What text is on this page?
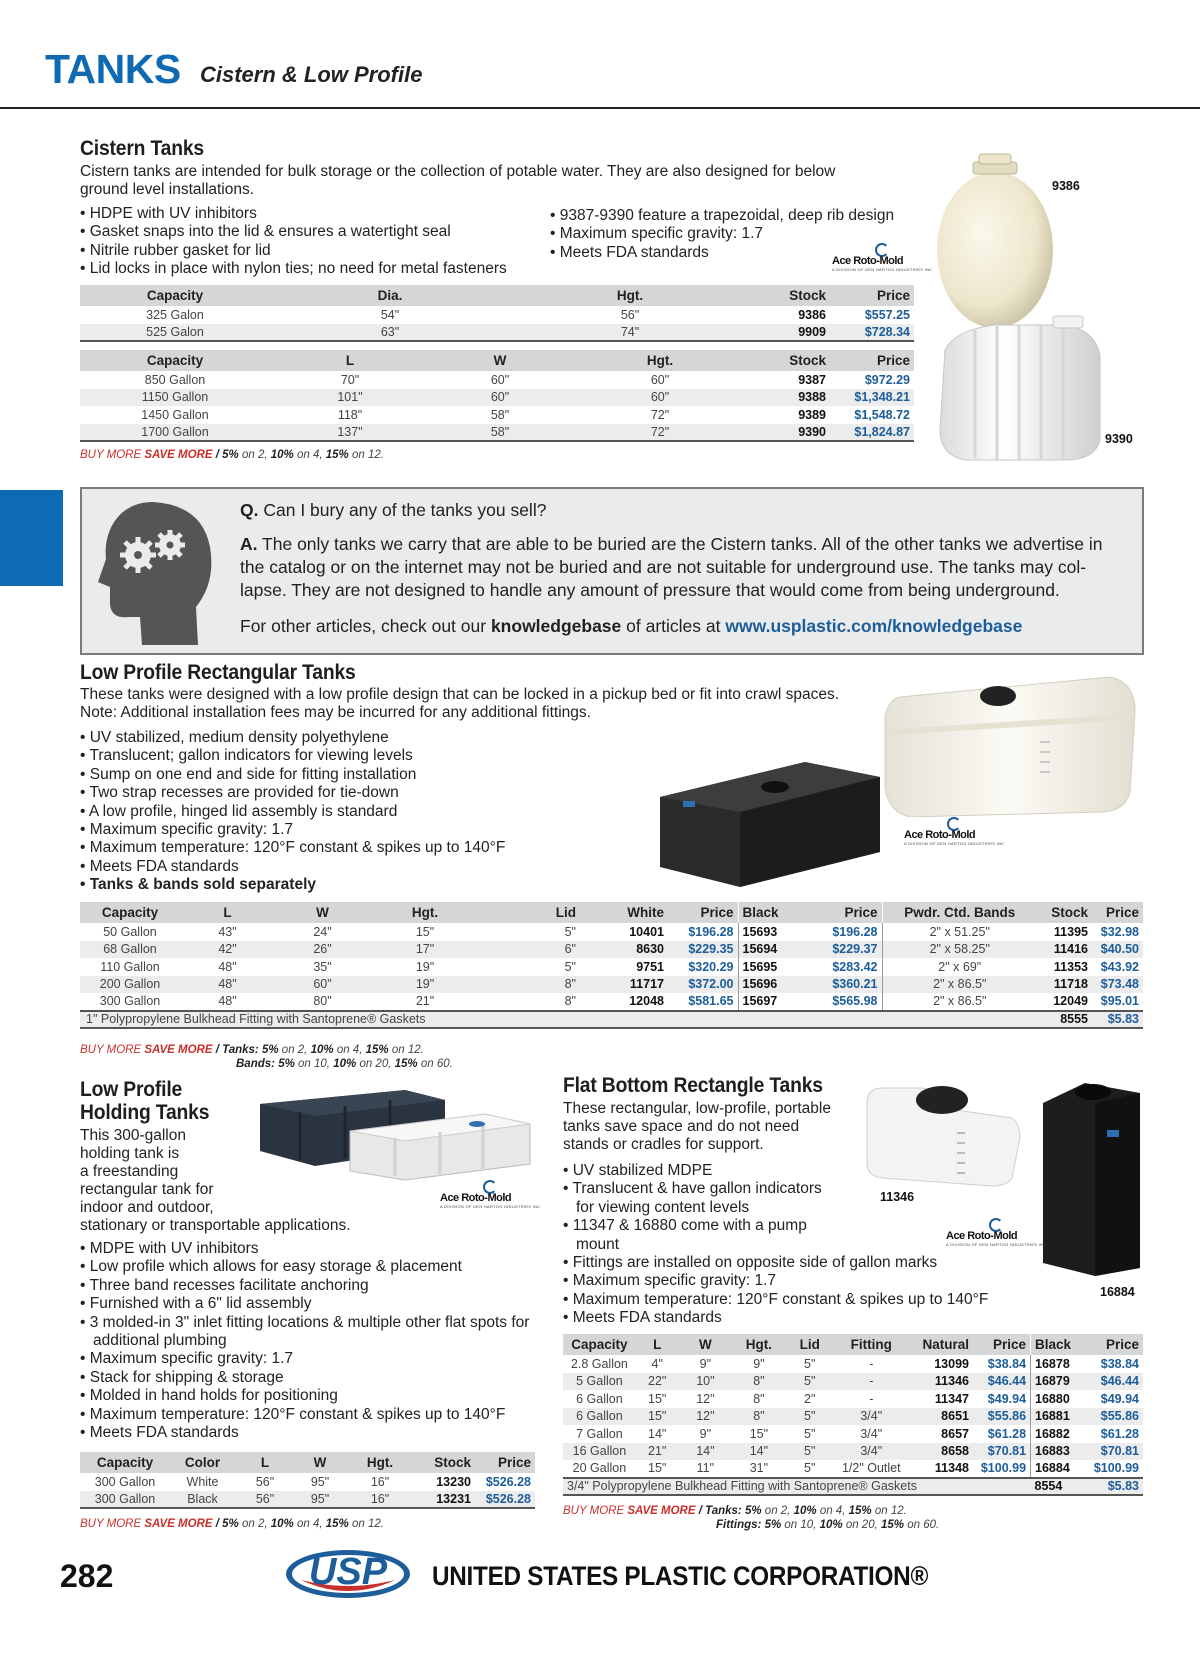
TANKS Cistern & Low Profile
Cistern Tanks

Cistern tanks are intended for bulk storage or the collection of potable water. They are also designed for below ground level installations.

• HDPE with UV inhibitors
• Gasket snaps into the lid & ensures a watertight seal
• Nitrile rubber gasket for lid
• Lid locks in place with nylon ties; no need for metal fasteners
• 9387-9390 feature a trapezoidal, deep rib design
• Maximum specific gravity: 1.7
• Meets FDA standards
Ace Roto-Mold
A DIVISION OF DEN HARTOG INDUSTRIES INC
Capacity	Dia.	Hgt.	Stock	Price
325 Galon	54"	56"	9386	$557.25
525 Galon	63"	74"	9909	$728.34
Capacity	L	W	Hgt.	Stock	Price
850 Gallon	70"	60"	60"	9387	$972.29
1150 Gallon	101"	60"	60"	9388	$1,348.21
1450 Gallon	118"	58"	72"	9389	$1,548.72
1700 Gallon	137"	58"	72"	9390	$1,824.87
BUY MORE SAVE MORE / 5% on 2, 10% on 4, 15% on 12.
9386
9390
Q. Can I bury any of the tanks you sell?
A. The only tanks we carry that are able to be buried are the Cistern tanks. All of the other tanks we advertise in the catalog or on the internet may not be buried and are not suitable for underground use. The tanks may col-lapse. They are not designed to handle any amount of pressure that would come from being underground.
For other articles, check out our knowledgebase of articles at www.usplastic.com/knowledgebase
Low Profile Rectangular Tanks

These tanks were designed with a low profile design that can be locked in a pickup bed or fit into crawl spaces. Note: Additional installation fees may be incurred for any additional fittings.

• UV stabilized, medium density polyethylene
• Translucent; gallon indicators for viewing levels
• Sump on one end and side for fitting installation
• Two strap recesses are provided for tie-down
• A low profile, hinged lid assembly is standard
• Maximum specific gravity: 1.7
• Maximum temperature: 120°F constant & spikes up to 140°F
• Meets FDA standards
• Tanks & bands sold separately
Ace Roto-Mold
A DIVISION OF DEN HARTOG INDUSTRIES INC
Capacity	L	W	Hgt.	Lid	White	Price	Black	Price	Pwdr. Ctd. Bands	Stock	Price
50 Gallon	43"	24"	15"	5"	10401	$196.28	15693	$196.28	2" x 51.25"	11395	$32.98
68 Gallon	42"	26"	17"	6"	8630	$229.35	15694	$229.37	2" x 58.25"	11416	$40.50
110 Gallon	48"	35"	19"	5"	9751	$320.29	15695	$283.42	2" x 69"	11353	$43.92
200 Gallon	48"	60"	19"	8"	11717	$372.00	15696	$360.21	2" x 86.5"	11718	$73.48
300 Gallon	48"	80"	21"	8"	12048	$581.65	15697	$565.98	2" x 86.5"	12049	$95.01
1" Polypropylene Bulkhead Fitting with Santoprene® Gaskets										8555	$5.83
BUY MORE SAVE MORE / Tanks: 5% on 2, 10% on 4, 15% on 12.
Bands: 5% on 10, 10% on 20, 15% on 60.
Low Profile
Holding Tanks
This 300-gallon
holding tank is
a freestanding
rectangular tank for
indoor and outdoor,
stationary or transportable applications.
Ace Roto-Mold
A DIVISION OF DEN HARTOG INDUSTRIES INC
• MDPE with UV inhibitors
• Low profile which allows for easy storage & placement
• Three band recesses facilitate anchoring
• Furnished with a 6" lid assembly
• 3 molded-in 3" inlet fitting locations & multiple other flat spots for additional plumbing
• Maximum specific gravity: 1.7
• Stack for shipping & storage
• Molded in hand holds for positioning
• Maximum temperature: 120°F constant & spikes up to 140°F
• Meets FDA standards
Capacity	Color	L	W	Hgt.	Stock	Price
300 Gallon	White	56"	95"	16"	13230	$526.28
300 Gallon	Black	56"	95"	16"	13231	$526.28
BUY MORE SAVE MORE / 5% on 2, 10% on 4, 15% on 12.
Flat Bottom Rectangle Tanks
These rectangular, low-profile, portable
tanks save space and do not need
stands or cradles for support.
11346
16884
Ace Roto-Mold
A DIVISION OF DEN HARTOG INDUSTRIES INC
• UV stabilized MDPE
• Translucent & have gallon indicators for viewing content levels
• 11347 & 16880 come with a pump mount
• Fittings are installed on opposite side of gallon marks
• Maximum specific gravity: 1.7
• Maximum temperature: 120°F constant & spikes up to 140°F
• Meets FDA standards
Capacity	L	W	Hgt.	Lid	Fitting	Natural	Price	Black	Price
2.8 Gallon	4"	9"	9"	5"	-	13099	$38.84	16878	$38.84
5 Gallon	22"	10"	8"	5"	-	11346	$46.44	16879	$46.44
6 Gallon	15"	12"	8"	2"	-	11347	$49.94	16880	$49.94
6 Gallon	15"	12"	8"	5"	3/4"	8651	$55.86	16881	$55.86
7 Gallon	14"	9"	15"	5"	3/4"	8657	$61.28	16882	$61.28
16 Gallon	21"	14"	14"	5"	3/4"	8658	$70.81	16883	$70.81
20 Gallon	15"	11"	31"	5"	1/2" Outlet	11348	$100.99	16884	$100.99
3/4" Polypropylene Bulkhead Fitting with Santoprene® Gaskets								8554	$5.83
BUY MORE SAVE MORE / Tanks: 5% on 2, 10% on 4, 15% on 12.
Fittings: 5% on 10, 10% on 20, 15% on 60.
282	USP UNITED STATES PLASTIC CORPORATION®
